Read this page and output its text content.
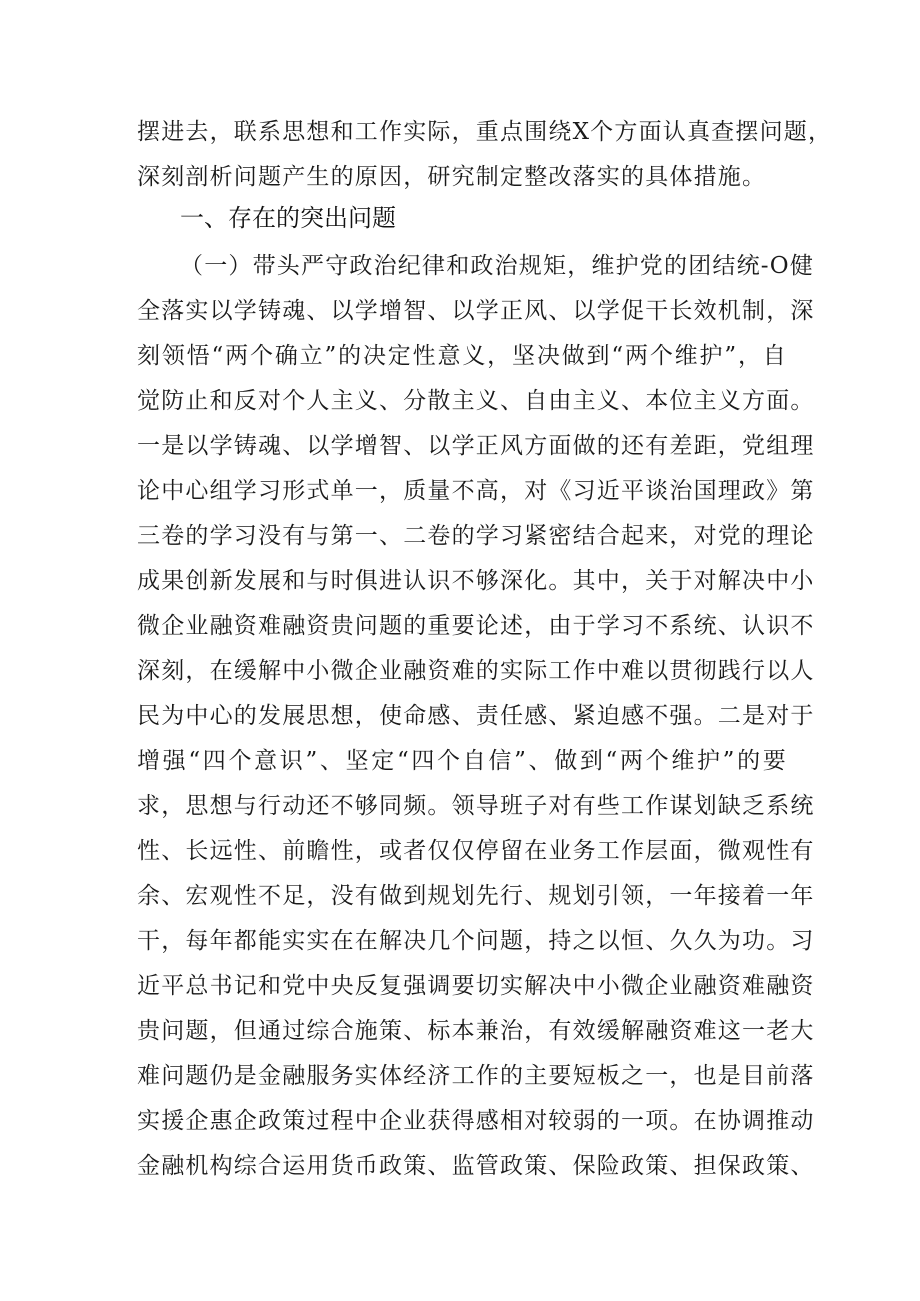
摆进去，联系思想和工作实际，重点围绕X个方面认真查摆问题，
深刻剖析问题产生的原因，研究制定整改落实的具体措施。
一、存在的突出问题
（一）带头严守政治纪律和政治规矩，维护党的团结统-O健
全落实以学铸魂、以学增智、以学正风、以学促干长效机制，深
刻领悟“两个确立”的决定性意义，坚决做到“两个维护”，自
觉防止和反对个人主义、分散主义、自由主义、本位主义方面。
一是以学铸魂、以学增智、以学正风方面做的还有差距，党组理
论中心组学习形式单一，质量不高，对《习近平谈治国理政》第
三卷的学习没有与第一、二卷的学习紧密结合起来，对党的理论
成果创新发展和与时俱进认识不够深化。其中，关于对解决中小
微企业融资难融资贵问题的重要论述，由于学习不系统、认识不
深刻，在缓解中小微企业融资难的实际工作中难以贯彻践行以人
民为中心的发展思想，使命感、责任感、紧迫感不强。二是对于
增强“四个意识”、坚定“四个自信”、做到“两个维护”的要
求，思想与行动还不够同频。领导班子对有些工作谋划缺乏系统
性、长远性、前瞻性，或者仅仅停留在业务工作层面，微观性有
余、宏观性不足，没有做到规划先行、规划引领，一年接着一年
干，每年都能实实在在解决几个问题，持之以恒、久久为功。习
近平总书记和党中央反复强调要切实解决中小微企业融资难融资
贵问题，但通过综合施策、标本兼治，有效缓解融资难这一老大
难问题仍是金融服务实体经济工作的主要短板之一，也是目前落
实援企惠企政策过程中企业获得感相对较弱的一项。在协调推动
金融机构综合运用货币政策、监管政策、保险政策、担保政策、
